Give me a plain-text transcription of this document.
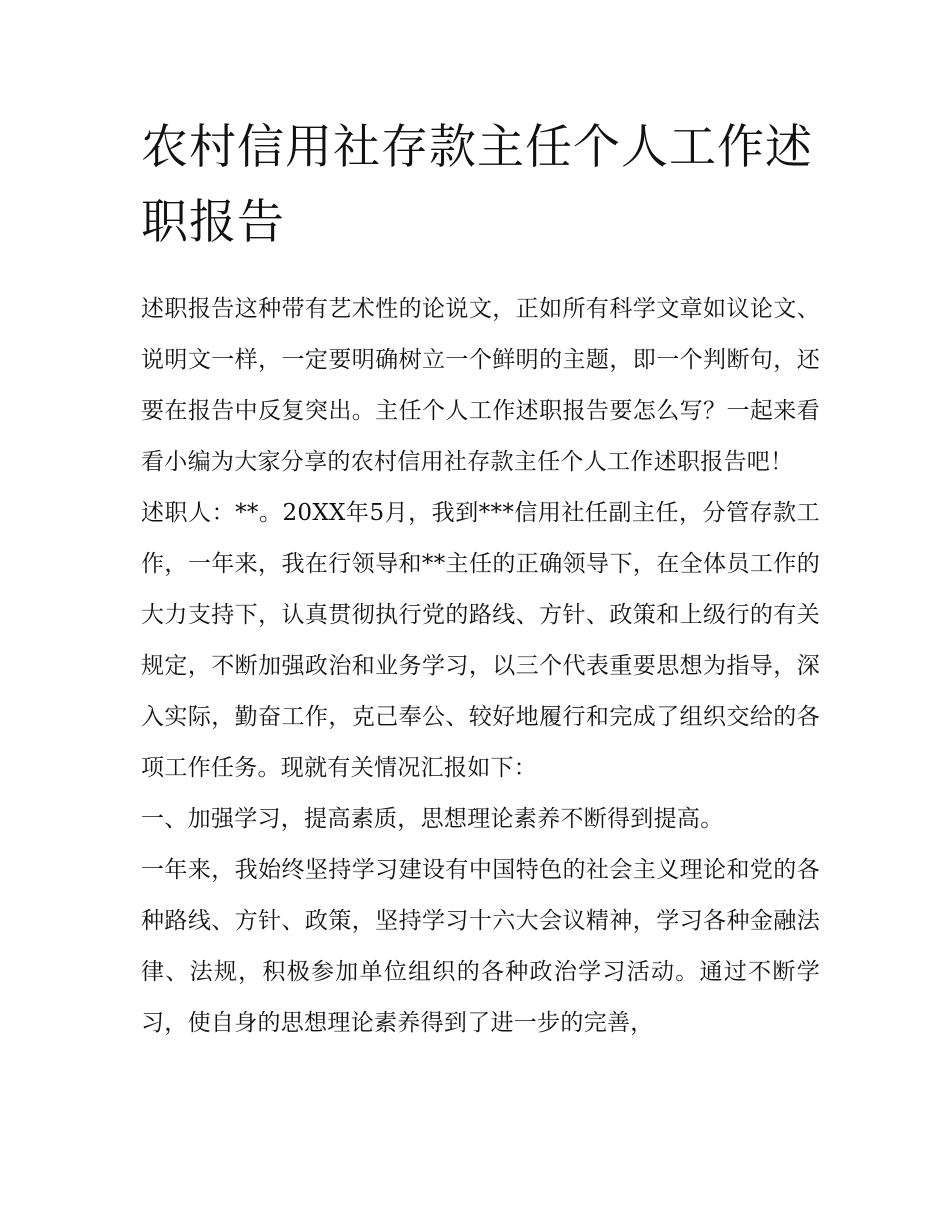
农村信用社存款主任个人工作述职报告

述职报告这种带有艺术性的论说文，正如所有科学文章如议论文、说明文一样，一定要明确树立一个鲜明的主题，即一个判断句，还要在报告中反复突出。主任个人工作述职报告要怎么写？一起来看看小编为大家分享的农村信用社存款主任个人工作述职报告吧！

述职人：**。20XX年5月，我到***信用社任副主任，分管存款工作，一年来，我在行领导和**主任的正确领导下，在全体员工作的大力支持下，认真贯彻执行党的路线、方针、政策和上级行的有关规定，不断加强政治和业务学习，以三个代表重要思想为指导，深入实际，勤奋工作，克己奉公、较好地履行和完成了组织交给的各项工作任务。现就有关情况汇报如下：

一、加强学习，提高素质，思想理论素养不断得到提高。

一年来，我始终坚持学习建设有中国特色的社会主义理论和党的各种路线、方针、政策，坚持学习十六大会议精神，学习各种金融法律、法规，积极参加单位组织的各种政治学习活动。通过不断学习，使自身的思想理论素养得到了进一步的完善，
